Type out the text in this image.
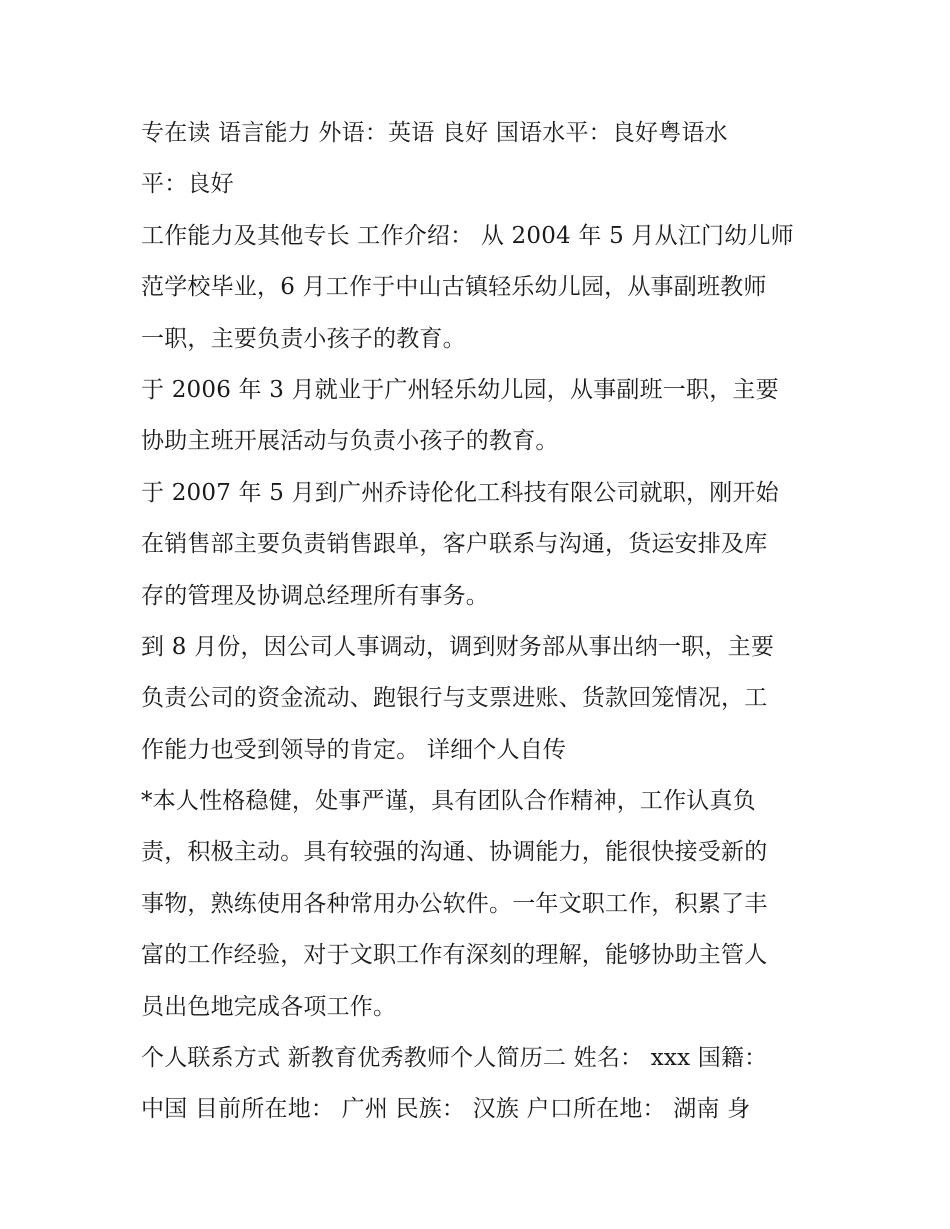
专在读 语言能力 外语：英语 良好 国语水平：良好粤语水
平：良好
工作能力及其他专长 工作介绍： 从 2004 年 5 月从江门幼儿师
范学校毕业，6 月工作于中山古镇轻乐幼儿园，从事副班教师
一职，主要负责小孩子的教育。
于 2006 年 3 月就业于广州轻乐幼儿园，从事副班一职，主要
协助主班开展活动与负责小孩子的教育。
于 2007 年 5 月到广州乔诗伦化工科技有限公司就职，刚开始
在销售部主要负责销售跟单，客户联系与沟通，货运安排及库
存的管理及协调总经理所有事务。
到 8 月份，因公司人事调动，调到财务部从事出纳一职，主要
负责公司的资金流动、跑银行与支票进账、货款回笼情况，工
作能力也受到领导的肯定。 详细个人自传
*本人性格稳健，处事严谨，具有团队合作精神，工作认真负
责，积极主动。具有较强的沟通、协调能力，能很快接受新的
事物，熟练使用各种常用办公软件。一年文职工作，积累了丰
富的工作经验，对于文职工作有深刻的理解，能够协助主管人
员出色地完成各项工作。
个人联系方式 新教育优秀教师个人简历二 姓名： xxx 国籍：
中国 目前所在地： 广州 民族： 汉族 户口所在地： 湖南 身
